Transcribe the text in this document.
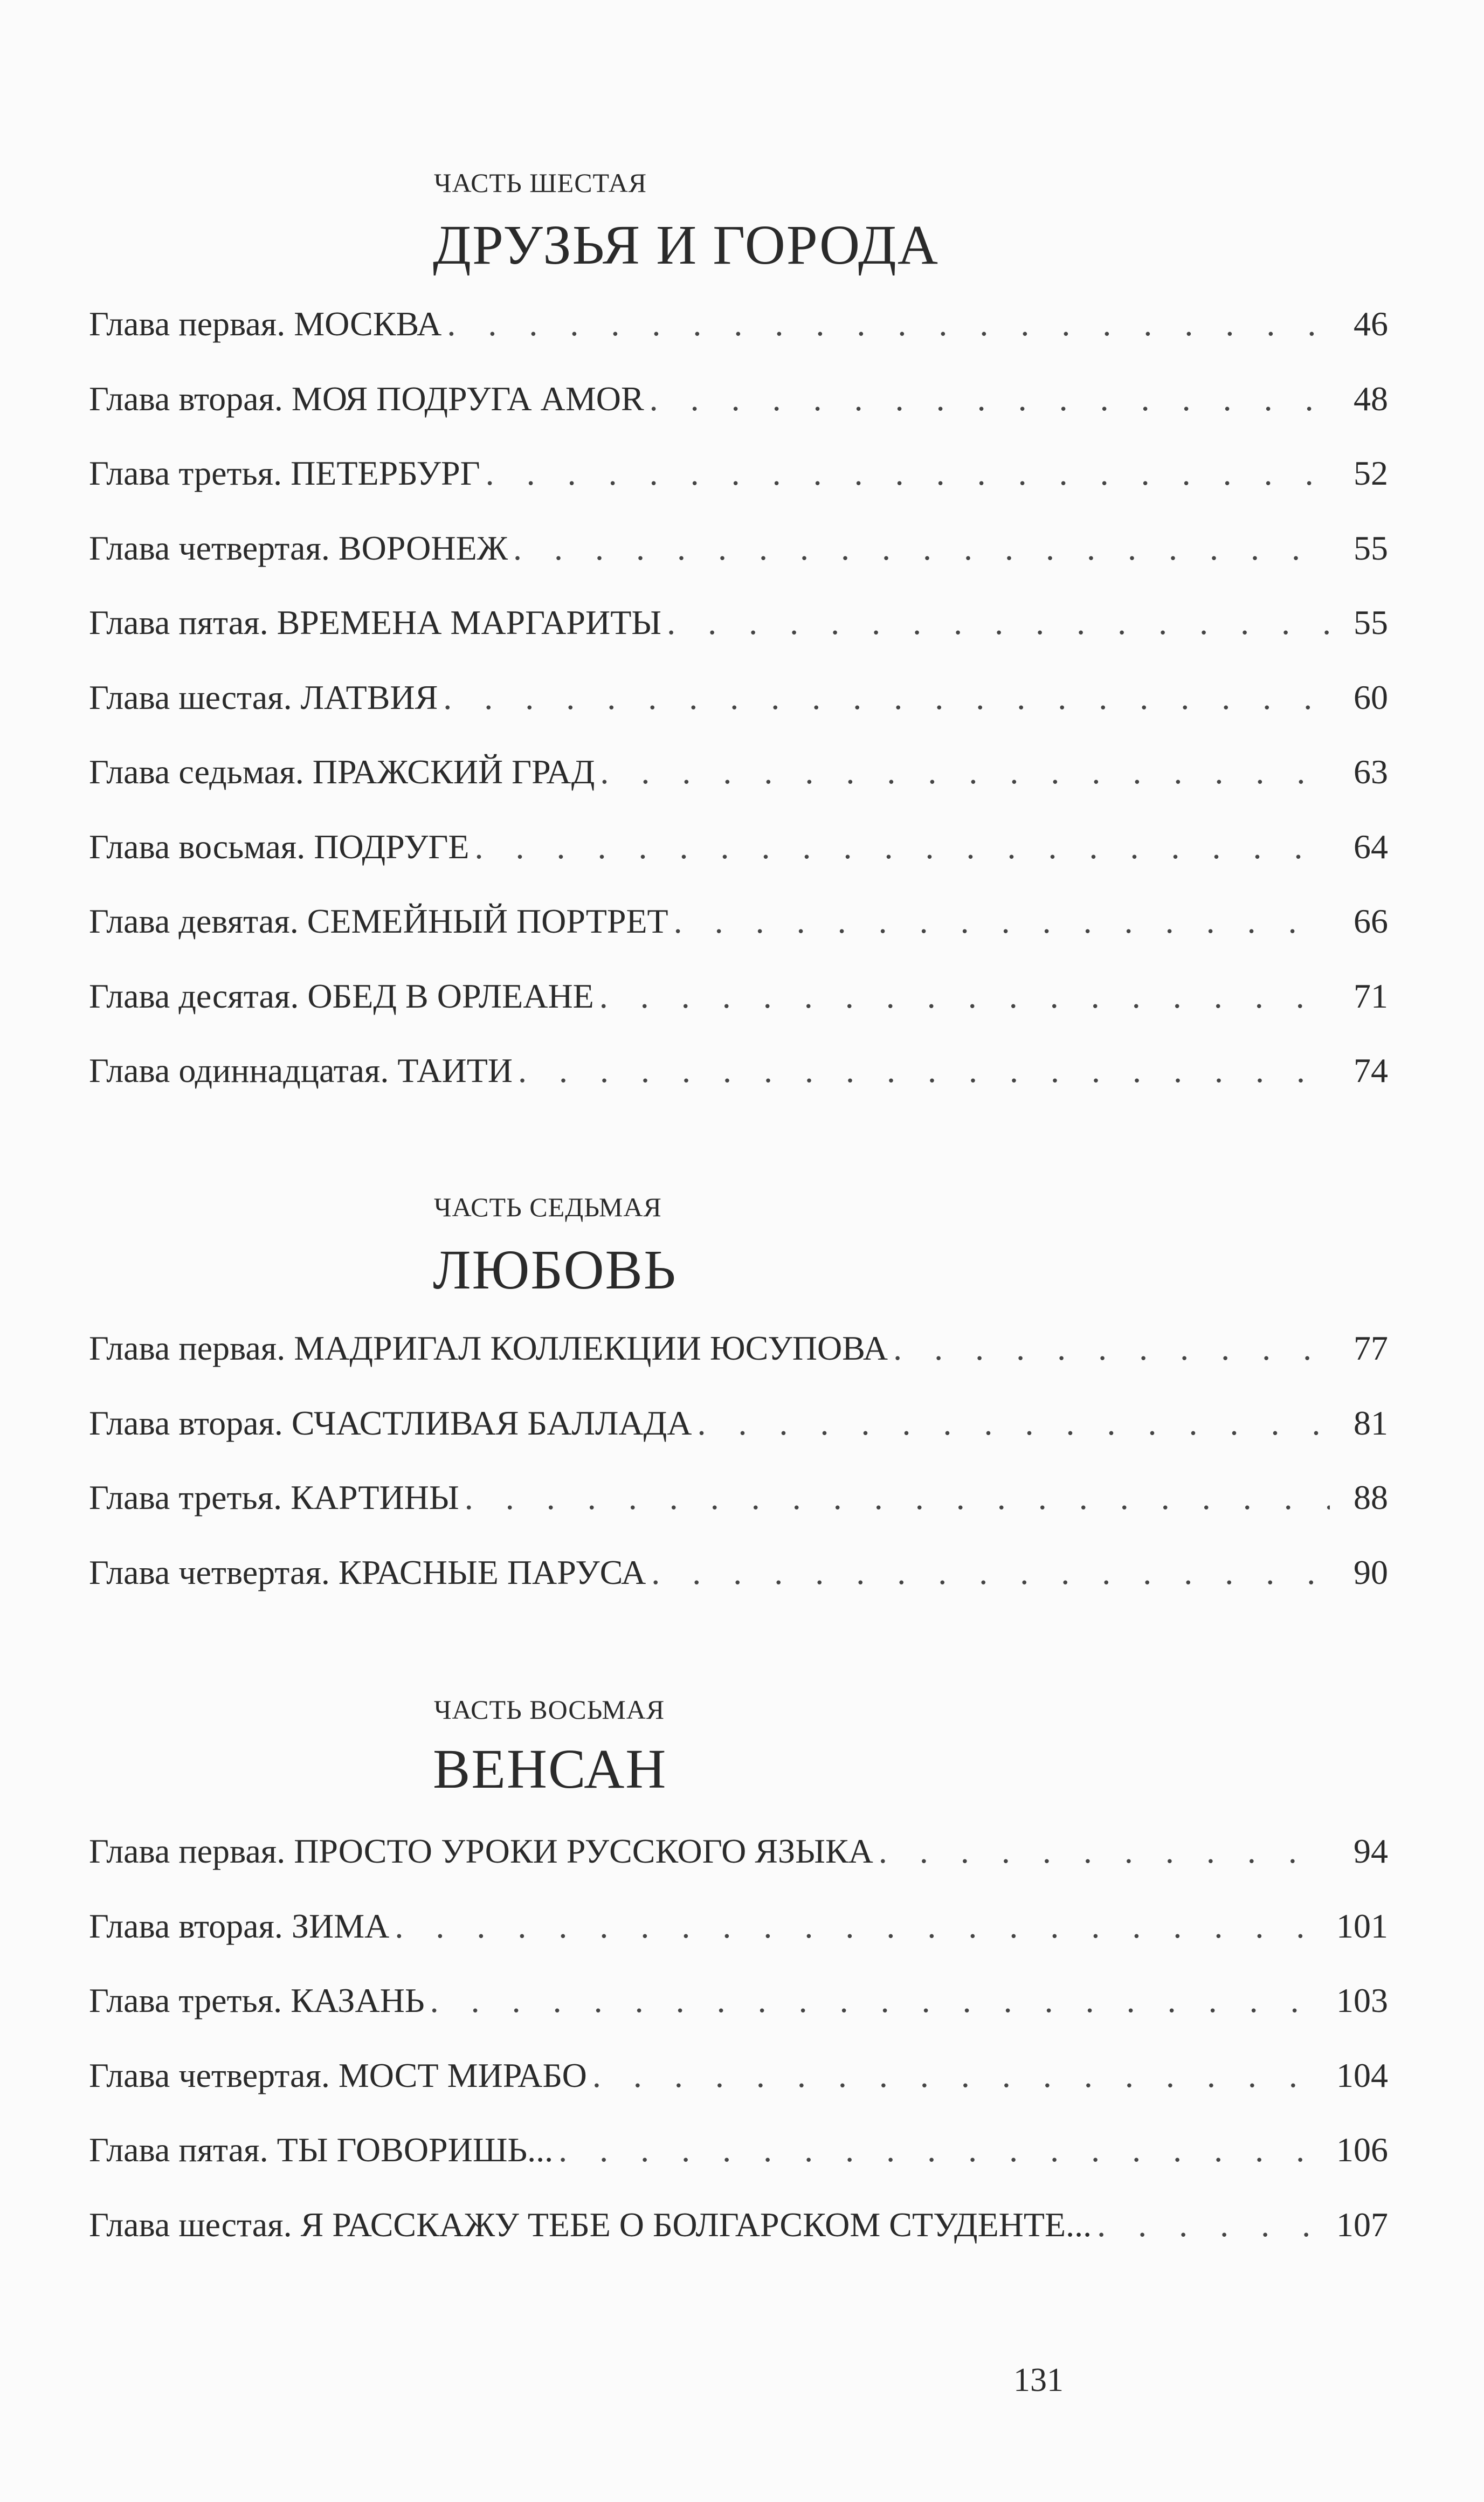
ЧАСТЬ ШЕСТАЯ
ДРУЗЬЯ И ГОРОДА
Глава первая. МОСКВА . . .	46
Глава вторая. МОЯ ПОДРУГА AMOR . . .	48
Глава третья. ПЕТЕРБУРГ . . .	52
Глава четвертая. ВОРОНЕЖ . . .	55
Глава пятая. ВРЕМЕНА МАРГАРИТЫ . . .	55
Глава шестая. ЛАТВИЯ . . .	60
Глава седьмая. ПРАЖСКИЙ ГРАД . . .	63
Глава восьмая. ПОДРУГЕ . . .	64
Глава девятая. СЕМЕЙНЫЙ ПОРТРЕТ . . .	66
Глава десятая. ОБЕД В ОРЛЕАНЕ . . .	71
Глава одиннадцатая. ТАИТИ . . .	74
ЧАСТЬ СЕДЬМАЯ
ЛЮБОВЬ
Глава первая. МАДРИГАЛ КОЛЛЕКЦИИ ЮСУПОВА . . .	77
Глава вторая. СЧАСТЛИВАЯ БАЛЛАДА . . .	81
Глава третья. КАРТИНЫ . . .	88
Глава четвертая. КРАСНЫЕ ПАРУСА . . .	90
ЧАСТЬ ВОСЬМАЯ
ВЕНСАН
Глава первая. ПРОСТО УРОКИ РУССКОГО ЯЗЫКА . . .	94
Глава вторая. ЗИМА . . .	101
Глава третья. КАЗАНЬ . . .	103
Глава четвертая. МОСТ МИРАБО . . .	104
Глава пятая. ТЫ ГОВОРИШЬ... . . .	106
Глава шестая. Я РАССКАЖУ ТЕБЕ О БОЛГАРСКОМ СТУДЕНТЕ... . . .	107
131
